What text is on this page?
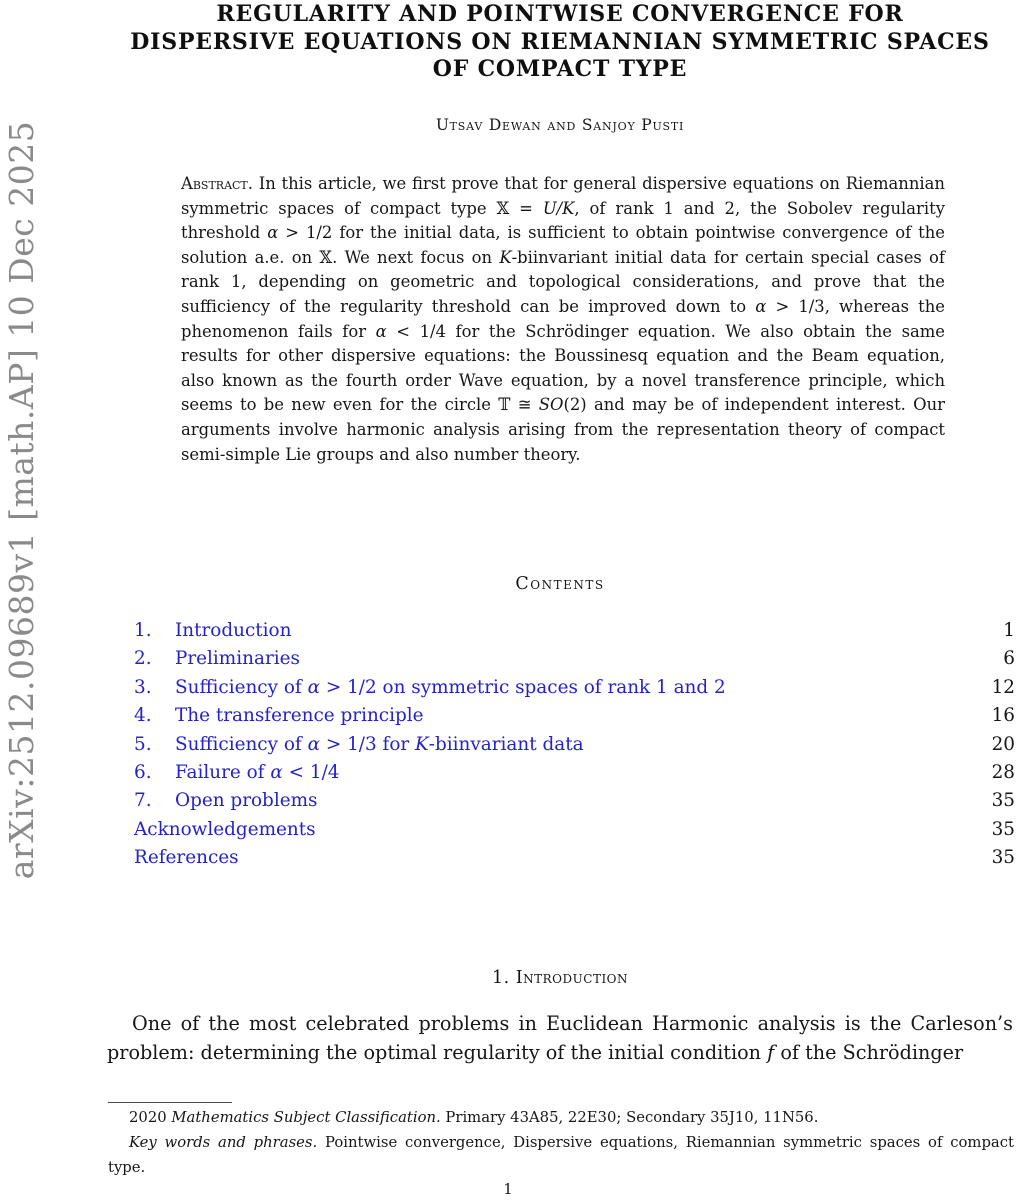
arXiv:2512.09689v1 [math.AP] 10 Dec 2025
REGULARITY AND POINTWISE CONVERGENCE FOR
DISPERSIVE EQUATIONS ON RIEMANNIAN SYMMETRIC SPACES
OF COMPACT TYPE
Utsav Dewan and Sanjoy Pusti

Abstract. In this article, we first prove that for general dispersive equations on Riemannian symmetric spaces of compact type 𝕏 = U/K, of rank 1 and 2, the Sobolev regularity threshold α > 1/2 for the initial data, is sufficient to obtain pointwise convergence of the solution a.e. on 𝕏. We next focus on K-biinvariant initial data for certain special cases of rank 1, depending on geometric and topological considerations, and prove that the sufficiency of the regularity threshold can be improved down to α > 1/3, whereas the phenomenon fails for α < 1/4 for the Schrödinger equation. We also obtain the same results for other dispersive equations: the Boussinesq equation and the Beam equation, also known as the fourth order Wave equation, by a novel transference principle, which seems to be new even for the circle 𝕋 ≅ SO(2) and may be of independent interest. Our arguments involve harmonic analysis arising from the representation theory of compact semi-simple Lie groups and also number theory.

Contents
1. Introduction	1
2. Preliminaries	6
3. Sufficiency of α > 1/2 on symmetric spaces of rank 1 and 2	12
4. The transference principle	16
5. Sufficiency of α > 1/3 for K-biinvariant data	20
6. Failure of α < 1/4	28
7. Open problems	35
Acknowledgements	35
References	35
1. Introduction

One of the most celebrated problems in Euclidean Harmonic analysis is the Carleson’s problem: determining the optimal regularity of the initial condition f of the Schrödinger

2020 Mathematics Subject Classification. Primary 43A85, 22E30; Secondary 35J10, 11N56.

Key words and phrases. Pointwise convergence, Dispersive equations, Riemannian symmetric spaces of compact type.

1
